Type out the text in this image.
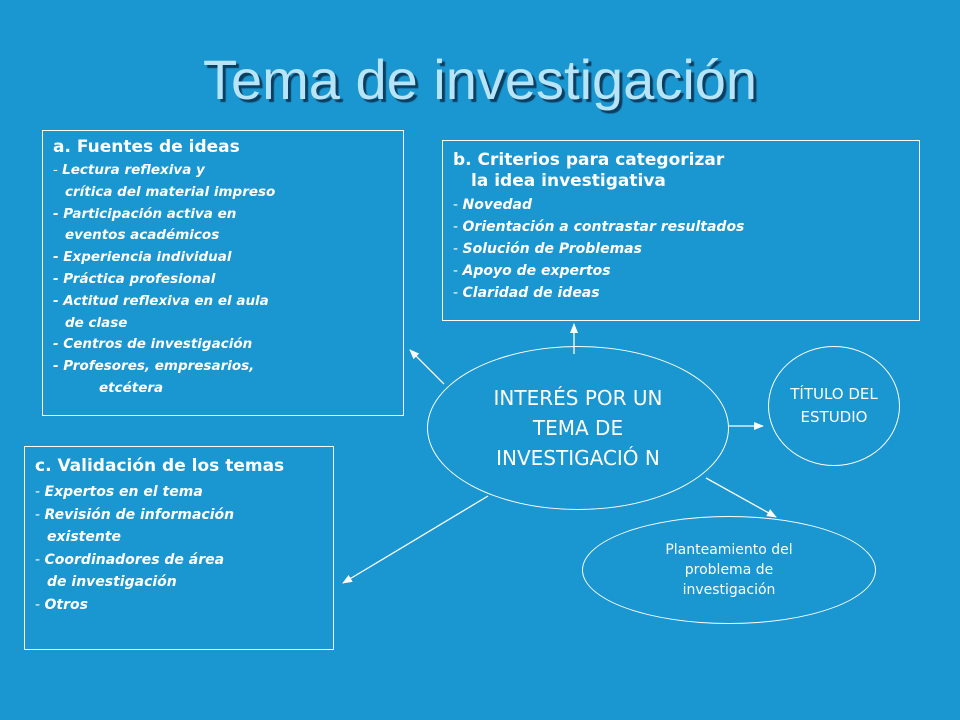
Tema de investigación
a. Fuentes de ideas
- Lectura reflexiva y
crítica del material impreso
- Participación activa en
eventos académicos
- Experiencia individual
- Práctica profesional
- Actitud reflexiva en el aula
de clase
- Centros de investigación
- Profesores, empresarios,
etcétera
b. Criterios para categorizar
la idea investigativa
- Novedad
- Orientación a contrastar resultados
- Solución de Problemas
- Apoyo de expertos
- Claridad de ideas
c. Validación de los temas
- Expertos en el tema
- Revisión de información
existente
- Coordinadores de área
de investigación
- Otros
INTERÉS POR UN TEMA DE INVESTIGACIÓ N
TÍTULO DEL ESTUDIO
Planteamiento del problema de investigación
